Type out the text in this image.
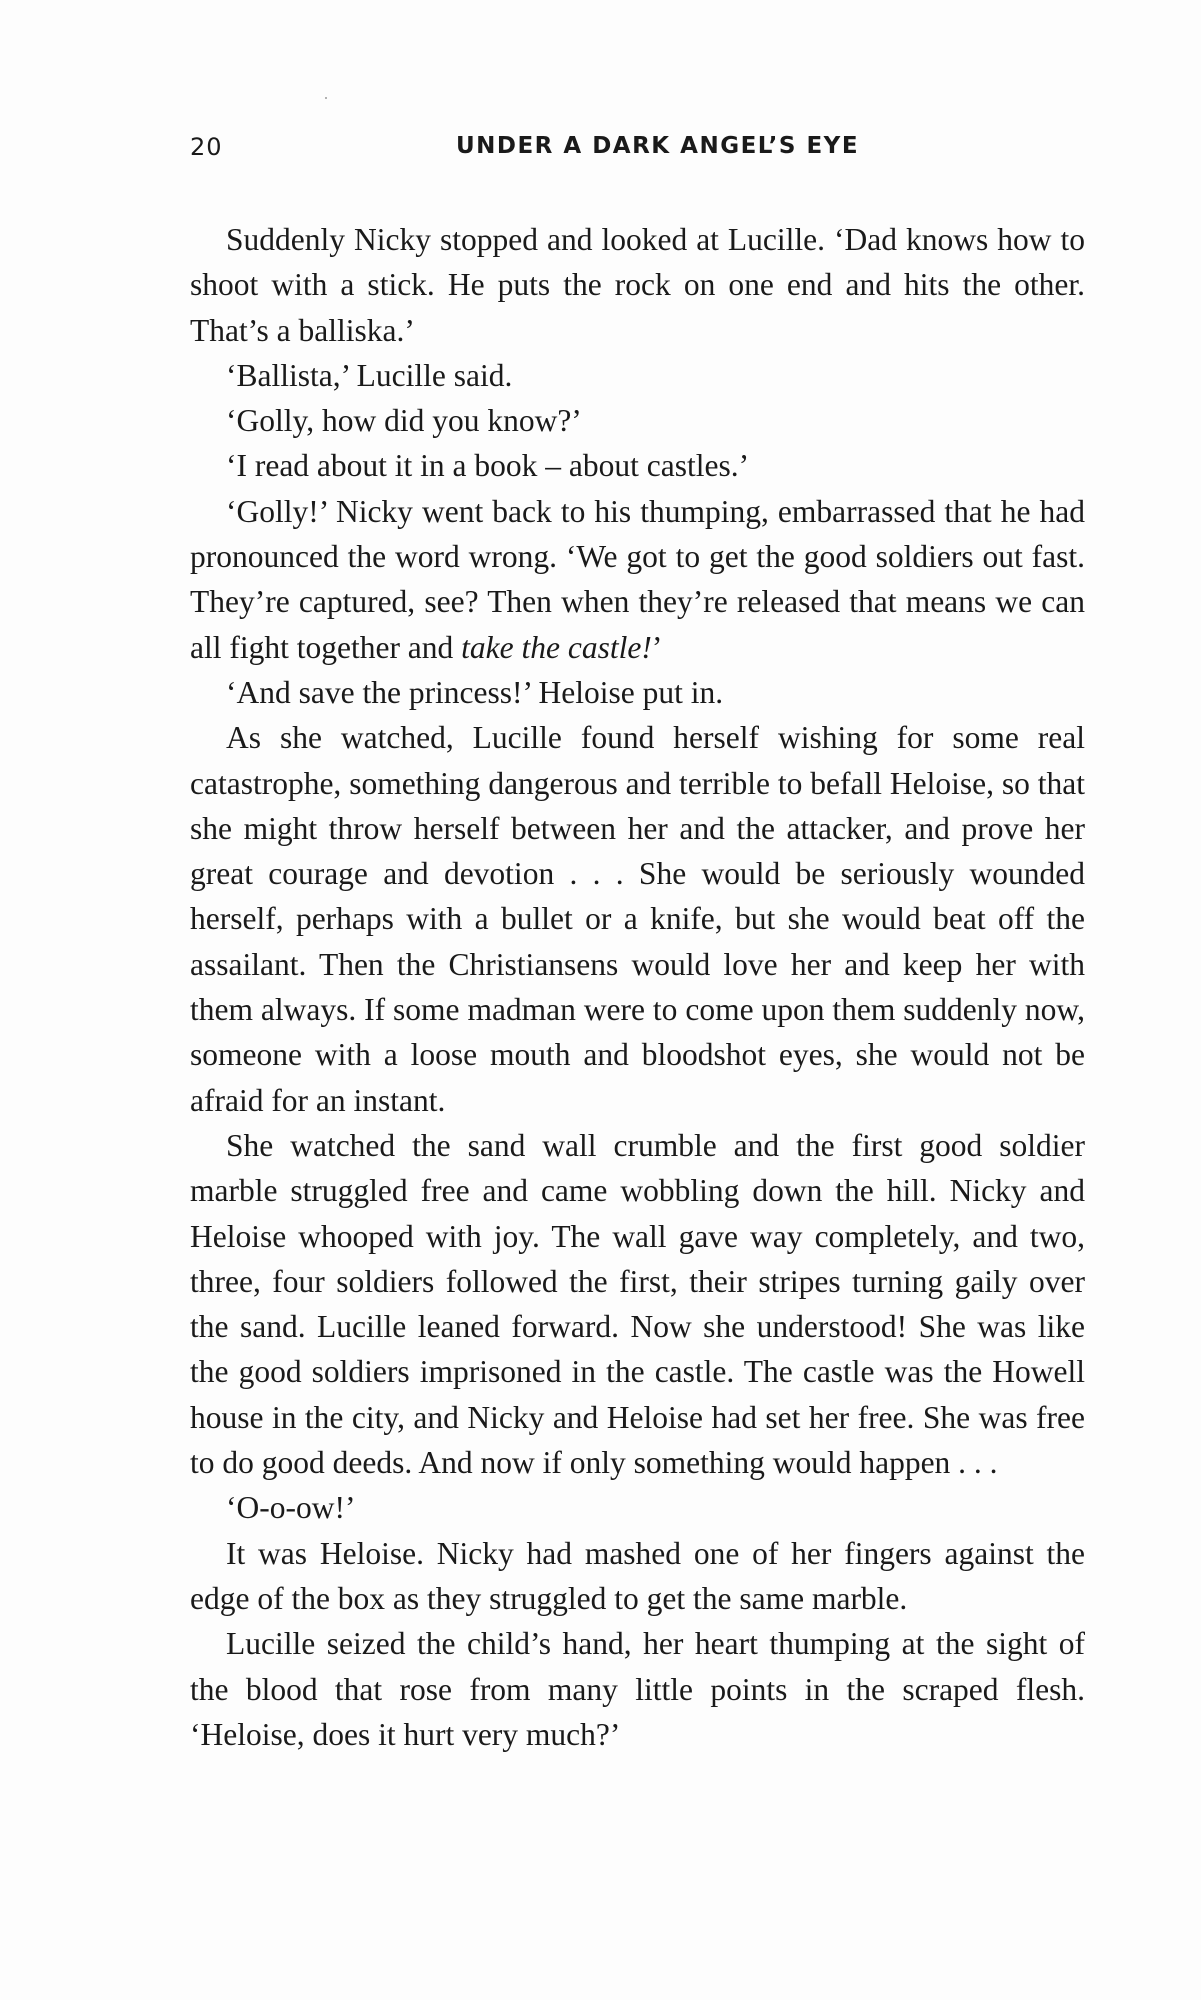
20	UNDER A DARK ANGEL’S EYE

Suddenly Nicky stopped and looked at Lucille. ‘Dad knows how to shoot with a stick. He puts the rock on one end and hits the other. That’s a balliska.’

‘Ballista,’ Lucille said.

‘Golly, how did you know?’

‘I read about it in a book – about castles.’

‘Golly!’ Nicky went back to his thumping, embarrassed that he had pronounced the word wrong. ‘We got to get the good soldiers out fast. They’re captured, see? Then when they’re released that means we can all fight together and take the castle!’

‘And save the princess!’ Heloise put in.

As she watched, Lucille found herself wishing for some real catastrophe, something dangerous and terrible to befall Heloise, so that she might throw herself between her and the attacker, and prove her great courage and devotion . . . She would be seriously wounded herself, perhaps with a bullet or a knife, but she would beat off the assailant. Then the Christiansens would love her and keep her with them always. If some madman were to come upon them suddenly now, someone with a loose mouth and bloodshot eyes, she would not be afraid for an instant.

She watched the sand wall crumble and the first good soldier marble struggled free and came wobbling down the hill. Nicky and Heloise whooped with joy. The wall gave way completely, and two, three, four soldiers followed the first, their stripes turning gaily over the sand. Lucille leaned forward. Now she understood! She was like the good soldiers imprisoned in the castle. The castle was the Howell house in the city, and Nicky and Heloise had set her free. She was free to do good deeds. And now if only something would happen . . .

‘O-o-ow!’

It was Heloise. Nicky had mashed one of her fingers against the edge of the box as they struggled to get the same marble.

Lucille seized the child’s hand, her heart thumping at the sight of the blood that rose from many little points in the scraped flesh. ‘Heloise, does it hurt very much?’
